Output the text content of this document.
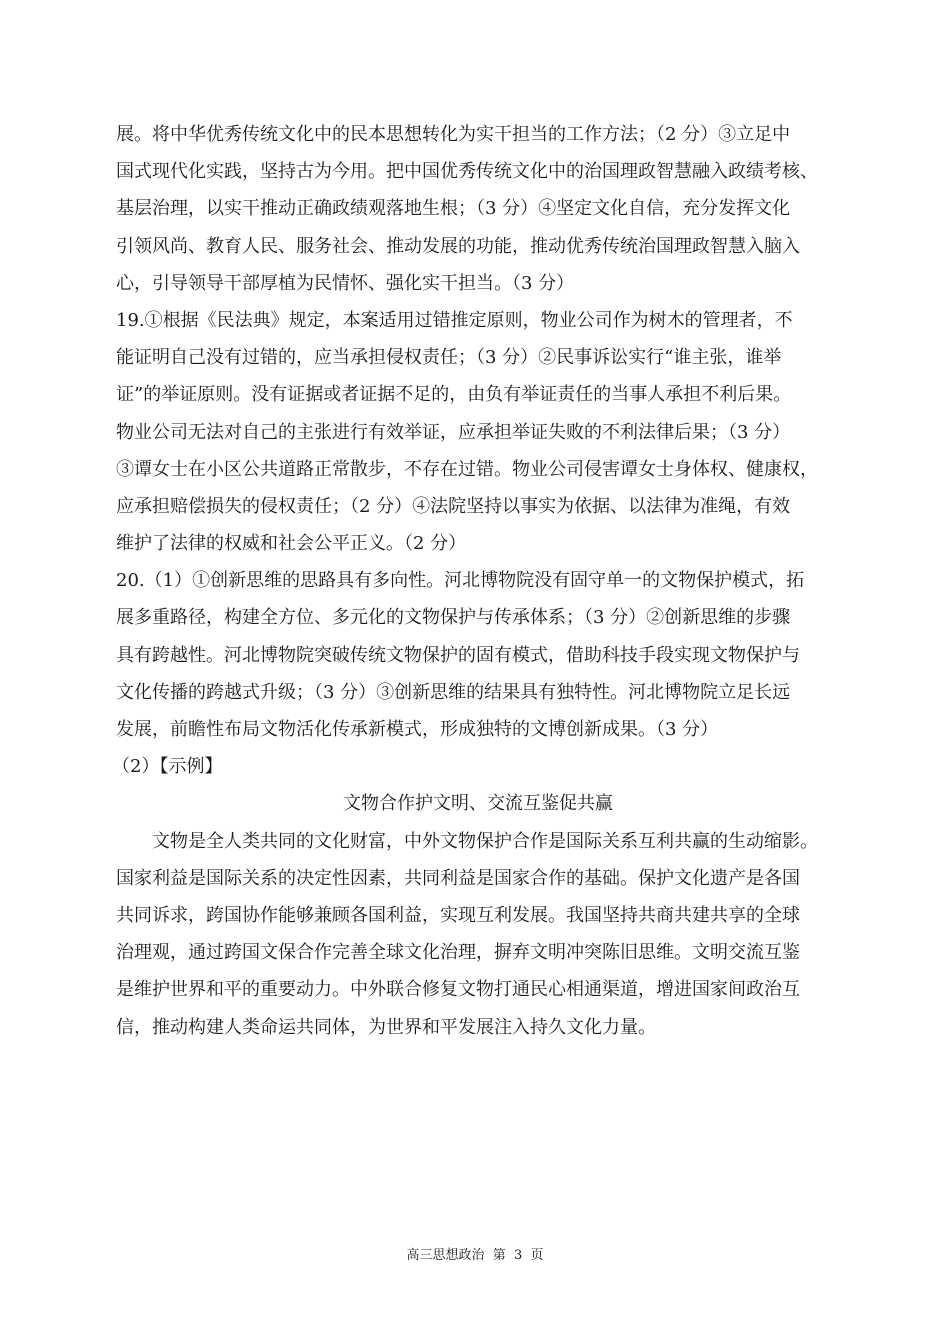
展。将中华优秀传统文化中的民本思想转化为实干担当的工作方法；（2 分）③立足中
国式现代化实践，坚持古为今用。把中国优秀传统文化中的治国理政智慧融入政绩考核、
基层治理，以实干推动正确政绩观落地生根；（3 分）④坚定文化自信，充分发挥文化
引领风尚、教育人民、服务社会、推动发展的功能，推动优秀传统治国理政智慧入脑入
心，引导领导干部厚植为民情怀、强化实干担当。（3 分）
19.①根据《民法典》规定，本案适用过错推定原则，物业公司作为树木的管理者，不
能证明自己没有过错的，应当承担侵权责任；（3 分）②民事诉讼实行“谁主张，谁举
证”的举证原则。没有证据或者证据不足的，由负有举证责任的当事人承担不利后果。
物业公司无法对自己的主张进行有效举证，应承担举证失败的不利法律后果；（3 分）
③谭女士在小区公共道路正常散步，不存在过错。物业公司侵害谭女士身体权、健康权，
应承担赔偿损失的侵权责任；（2 分）④法院坚持以事实为依据、以法律为准绳，有效
维护了法律的权威和社会公平正义。（2 分）
20.（1）①创新思维的思路具有多向性。河北博物院没有固守单一的文物保护模式，拓
展多重路径，构建全方位、多元化的文物保护与传承体系；（3 分）②创新思维的步骤
具有跨越性。河北博物院突破传统文物保护的固有模式，借助科技手段实现文物保护与
文化传播的跨越式升级；（3 分）③创新思维的结果具有独特性。河北博物院立足长远
发展，前瞻性布局文物活化传承新模式，形成独特的文博创新成果。（3 分）
（2）【示例】
文物合作护文明、交流互鉴促共赢
文物是全人类共同的文化财富，中外文物保护合作是国际关系互利共赢的生动缩影。
国家利益是国际关系的决定性因素，共同利益是国家合作的基础。保护文化遗产是各国
共同诉求，跨国协作能够兼顾各国利益，实现互利发展。我国坚持共商共建共享的全球
治理观，通过跨国文保合作完善全球文化治理，摒弃文明冲突陈旧思维。文明交流互鉴
是维护世界和平的重要动力。中外联合修复文物打通民心相通渠道，增进国家间政治互
信，推动构建人类命运共同体，为世界和平发展注入持久文化力量。
高三思想政治  第  3  页
